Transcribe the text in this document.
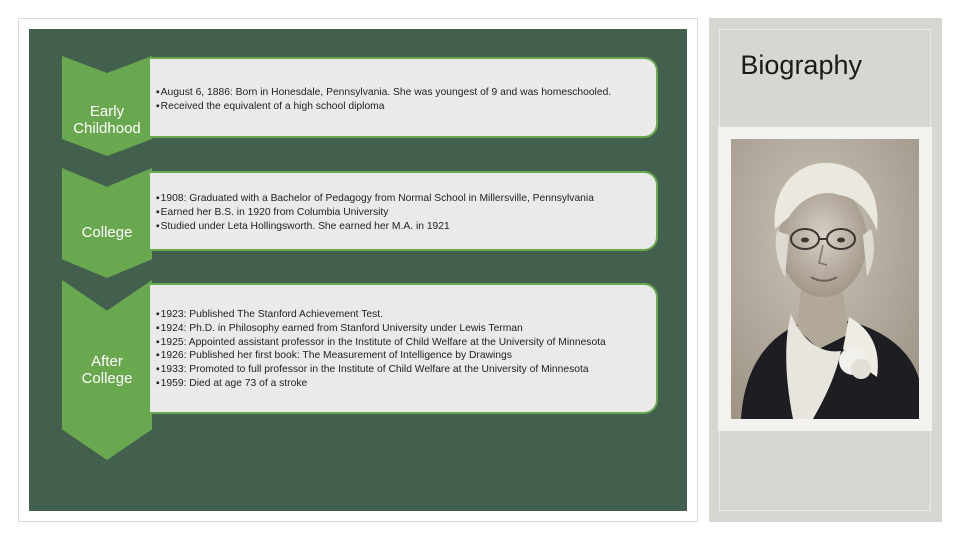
Biography
Early
Childhood
▪ August 6, 1886: Born in Honesdale, Pennsylvania. She was youngest of 9 and was homeschooled.
▪ Received the equivalent of a high school diploma
College
▪ 1908: Graduated with a Bachelor of Pedagogy from Normal School in Millersville, Pennsylvania
▪ Earned her B.S. in 1920 from Columbia University
▪ Studied under Leta Hollingsworth. She earned her M.A. in 1921
After
College
▪ 1923: Published The Stanford Achievement Test.
▪ 1924: Ph.D. in Philosophy earned from Stanford University under Lewis Terman
▪ 1925: Appointed assistant professor in the Institute of Child Welfare at the University of Minnesota
▪ 1926: Published her first book: The Measurement of Intelligence by Drawings
▪ 1933: Promoted to full professor in the Institute of Child Welfare at the University of Minnesota
▪ 1959: Died at age 73 of a stroke
